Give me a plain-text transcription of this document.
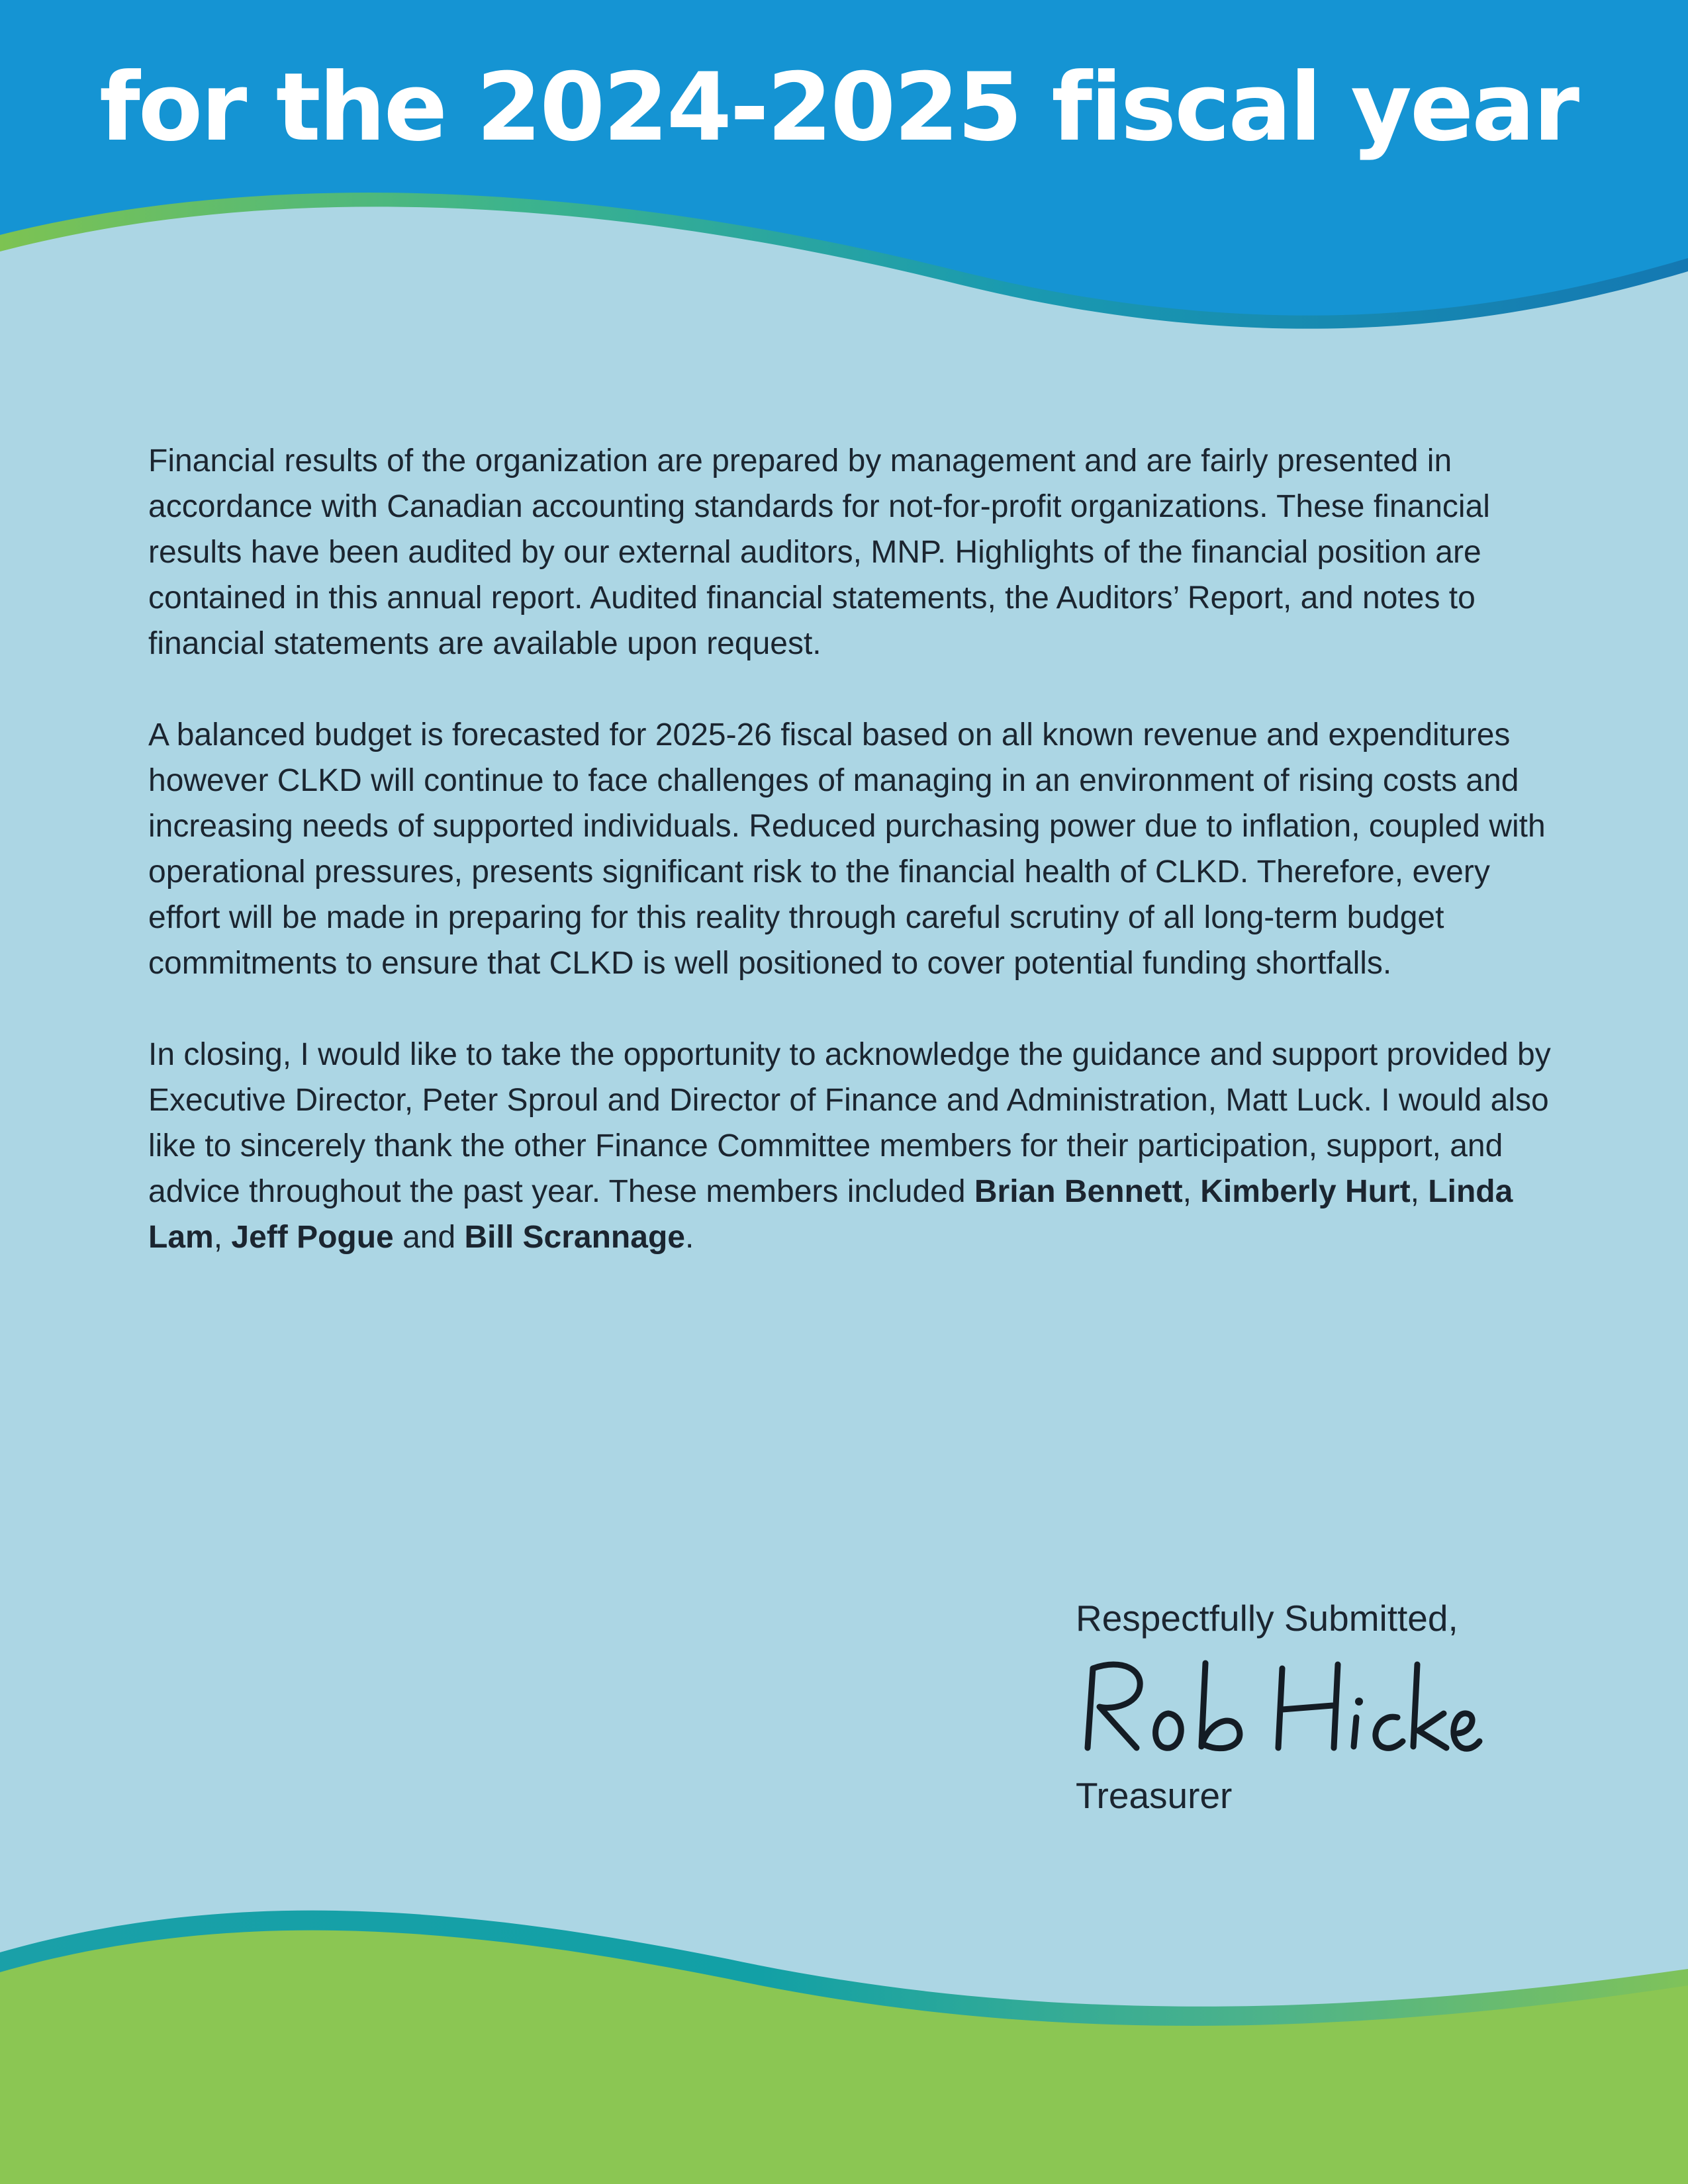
for the 2024-2025 fiscal year

Financial results of the organization are prepared by management and are fairly presented in accordance with Canadian accounting standards for not-for-profit organizations. These financial results have been audited by our external auditors, MNP. Highlights of the financial position are contained in this annual report. Audited financial statements, the Auditors’ Report, and notes to financial statements are available upon request.

A balanced budget is forecasted for 2025-26 fiscal based on all known revenue and expenditures however CLKD will continue to face challenges of managing in an environment of rising costs and increasing needs of supported individuals. Reduced purchasing power due to inflation, coupled with operational pressures, presents significant risk to the financial health of CLKD. Therefore, every effort will be made in preparing for this reality through careful scrutiny of all long-term budget commitments to ensure that CLKD is well positioned to cover potential funding shortfalls.

In closing, I would like to take the opportunity to acknowledge the guidance and support provided by Executive Director, Peter Sproul and Director of Finance and Administration, Matt Luck. I would also like to sincerely thank the other Finance Committee members for their participation, support, and advice throughout the past year. These members included Brian Bennett, Kimberly Hurt, Linda Lam, Jeff Pogue and Bill Scrannage.

Respectfully Submitted,
Treasurer
